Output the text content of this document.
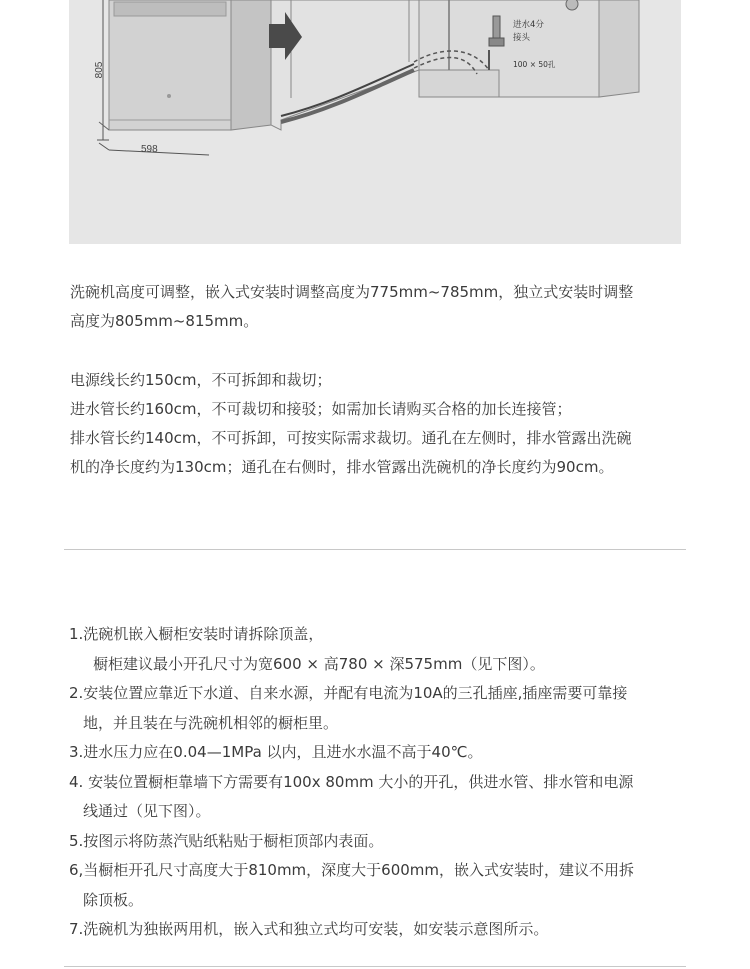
805
进水4分
接头
100 × 50孔
598
洗碗机高度可调整，嵌入式安装时调整高度为775mm~785mm，独立式安装时调整
高度为805mm~815mm。
电源线长约150cm，不可拆卸和裁切；
进水管长约160cm，不可裁切和接驳；如需加长请购买合格的加长连接管；
排水管长约140cm，不可拆卸，可按实际需求裁切。通孔在左侧时，排水管露出洗碗
机的净长度约为130cm；通孔在右侧时，排水管露出洗碗机的净长度约为90cm。
1.洗碗机嵌入橱柜安装时请拆除顶盖，
橱柜建议最小开孔尺寸为宽600 × 高780 × 深575mm（见下图）。
2.安装位置应靠近下水道、自来水源，并配有电流为10A的三孔插座,插座需要可靠接
地，并且装在与洗碗机相邻的橱柜里。
3.进水压力应在0.04—1MPa 以内，且进水水温不高于40℃。
4. 安装位置橱柜靠墙下方需要有100x 80mm 大小的开孔，供进水管、排水管和电源
线通过（见下图）。
5.按图示将防蒸汽贴纸粘贴于橱柜顶部内表面。
6,当橱柜开孔尺寸高度大于810mm，深度大于600mm，嵌入式安装时，建议不用拆
除顶板。
7.洗碗机为独嵌两用机，嵌入式和独立式均可安装，如安装示意图所示。
